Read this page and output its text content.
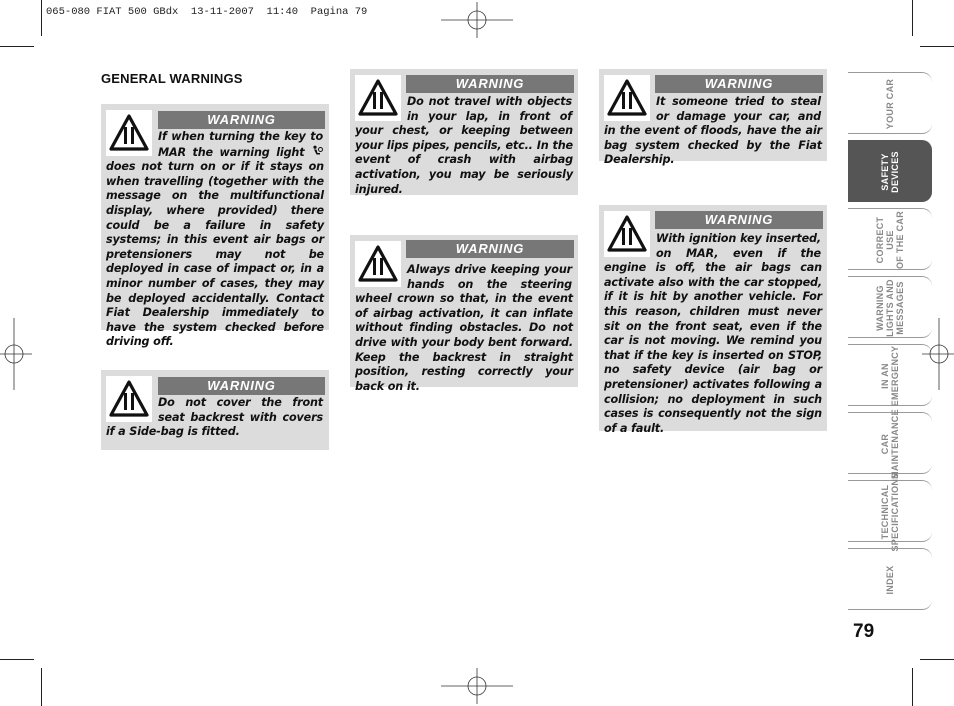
065-080 FIAT 500 GBdx  13-11-2007  11:40  Pagina 79
GENERAL WARNINGS
WARNING
If when turning the key to MAR the warning light  does not turn on or if it stays on when travelling (together with the message on the multifunctional display, where provided) there could be a failure in safety systems; in this event air bags or pretensioners may not be deployed in case of impact or, in a minor number of cases, they may be deployed accidentally. Contact Fiat Dealership immediately to have the system checked before driving off.
WARNING
Do not cover the front seat backrest with covers if a Side-bag is fitted.
WARNING
Do not travel with objects in your lap, in front of your chest, or keeping between your lips pipes, pencils, etc.. In the event of crash with airbag activation, you may be seriously injured.
WARNING
Always drive keeping your hands on the steering wheel crown so that, in the event of airbag activation, it can inflate without finding obstacles. Do not drive with your body bent forward. Keep the backrest in straight position, resting correctly your back on it.
WARNING
It someone tried to steal or damage your car, and in the event of floods, have the air bag system checked by the Fiat Dealership.
WARNING
With ignition key inserted, on MAR, even if the engine is off, the air bags can activate also with the car stopped, if it is hit by another vehicle. For this reason, children must never sit on the front seat, even if the car is not moving. We remind you that if the key is inserted on STOP, no safety device (air bag or pretensioner) activates following a collision; no deployment in such cases is consequently not the sign of a fault.
YOUR CAR
SAFETY
DEVICES
CORRECT USE
OF THE CAR
WARNING
LIGHTS AND
MESSAGES
IN AN
EMERGENCY
CAR
MAINTENANCE
TECHNICAL
SPECIFICATIONS
INDEX
79
